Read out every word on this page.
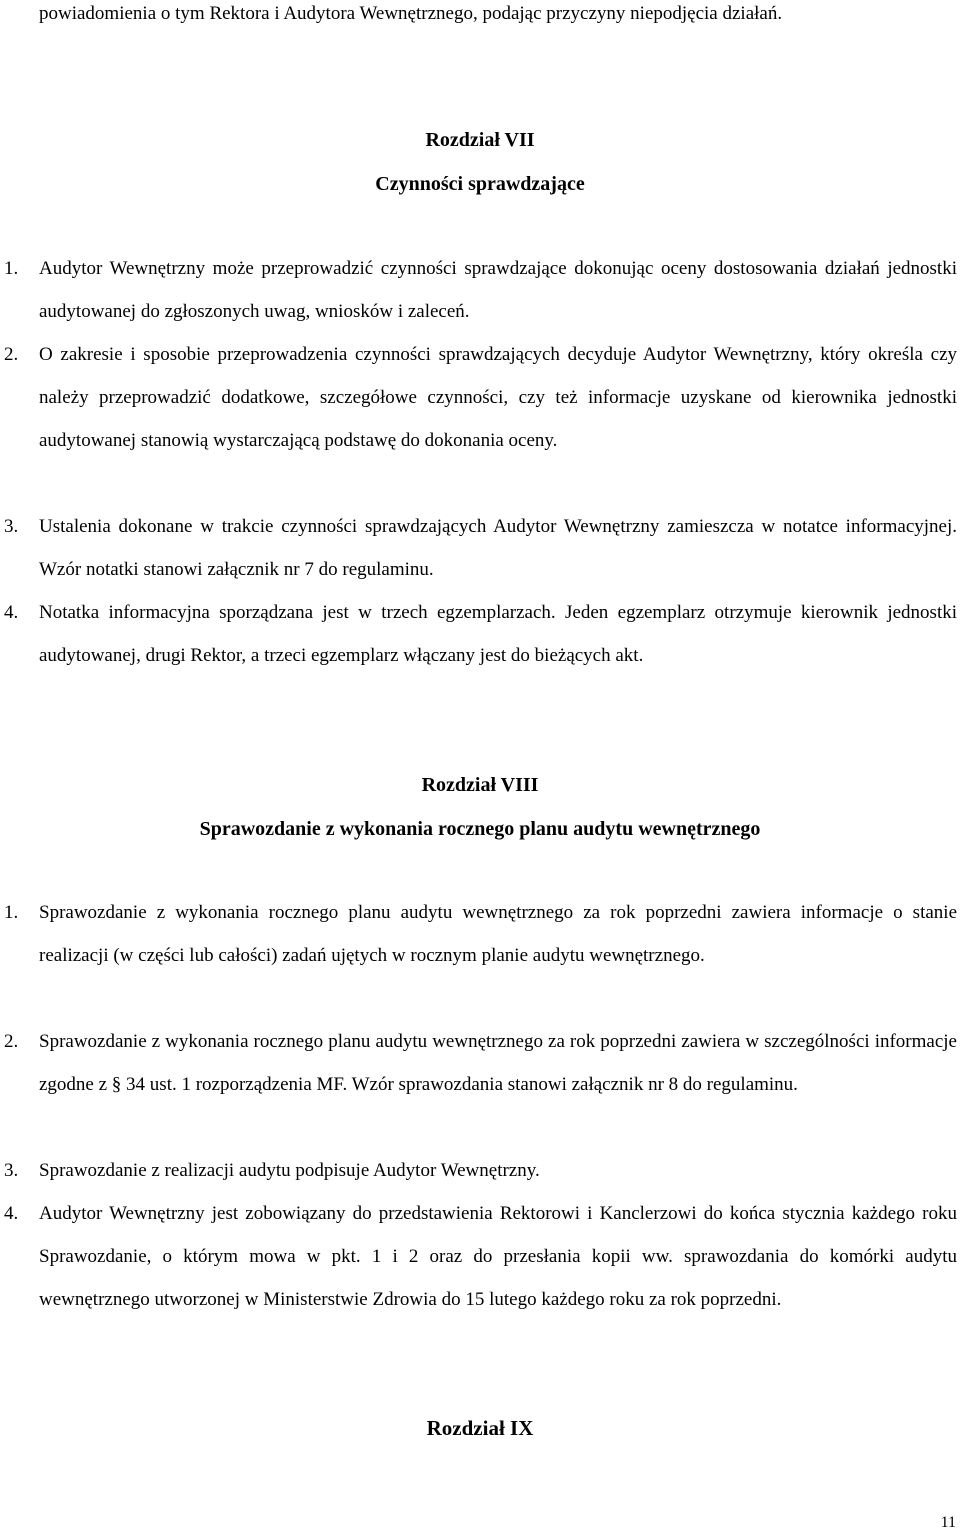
powiadomienia o tym Rektora i Audytora Wewnętrznego, podając przyczyny niepodjęcia działań.

Rozdział VII
Czynności sprawdzające
1.	Audytor Wewnętrzny może przeprowadzić czynności sprawdzające dokonując oceny dostosowania działań jednostki audytowanej do zgłoszonych uwag, wniosków i zaleceń.
2.	O zakresie i sposobie przeprowadzenia czynności sprawdzających decyduje Audytor Wewnętrzny, który określa czy należy przeprowadzić dodatkowe, szczegółowe czynności, czy też informacje uzyskane od kierownika jednostki audytowanej stanowią wystarczającą podstawę do dokonania oceny.
3.	Ustalenia dokonane w trakcie czynności sprawdzających Audytor Wewnętrzny zamieszcza w notatce informacyjnej. Wzór notatki stanowi załącznik nr 7 do regulaminu.
4.	Notatka informacyjna sporządzana jest w trzech egzemplarzach. Jeden egzemplarz otrzymuje kierownik jednostki audytowanej, drugi Rektor, a trzeci egzemplarz włączany jest do bieżących akt.
Rozdział VIII
Sprawozdanie z wykonania rocznego planu audytu wewnętrznego
1.	Sprawozdanie z wykonania rocznego planu audytu wewnętrznego za rok poprzedni zawiera informacje o stanie realizacji (w części lub całości) zadań ujętych w rocznym planie audytu wewnętrznego.
2.	Sprawozdanie z wykonania rocznego planu audytu wewnętrznego za rok poprzedni zawiera w szczególności informacje zgodne z § 34 ust. 1 rozporządzenia MF. Wzór sprawozdania stanowi załącznik nr 8 do regulaminu.
3.	Sprawozdanie z realizacji audytu podpisuje Audytor Wewnętrzny.
4.	Audytor Wewnętrzny jest zobowiązany do przedstawienia Rektorowi i Kanclerzowi do końca stycznia każdego roku Sprawozdanie, o którym mowa w pkt. 1 i 2 oraz do przesłania kopii ww. sprawozdania do komórki audytu wewnętrznego utworzonej w Ministerstwie Zdrowia do 15 lutego każdego roku za rok poprzedni.
Rozdział IX
11
